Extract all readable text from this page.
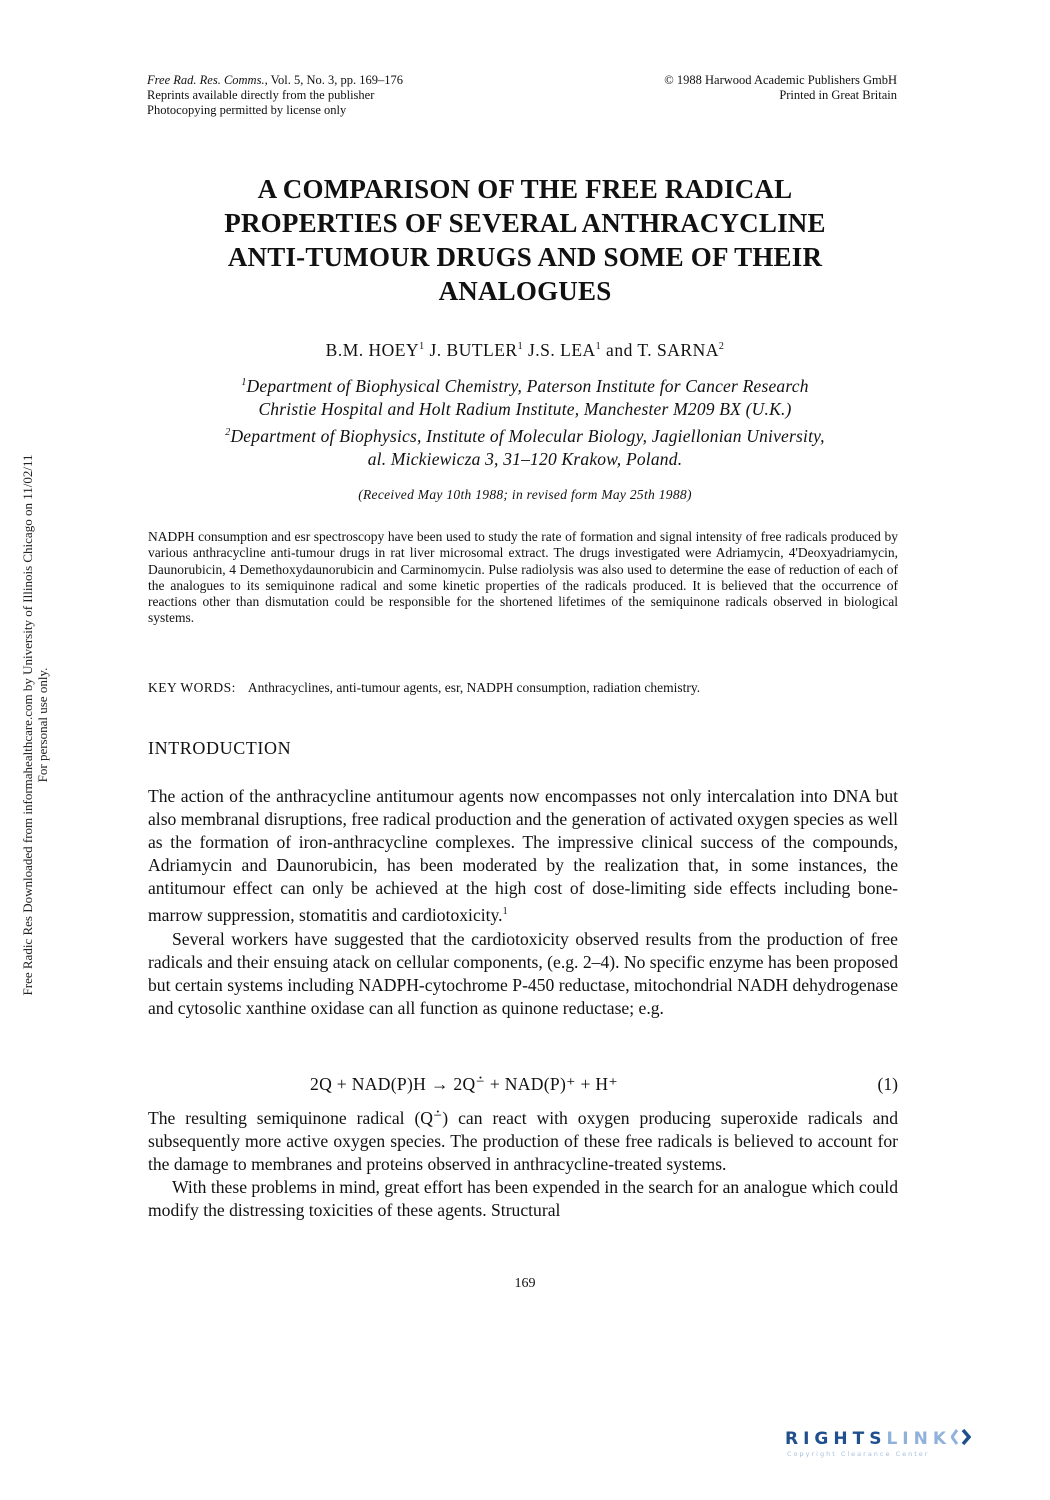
Free Rad. Res. Comms., Vol. 5, No. 3, pp. 169–176
Reprints available directly from the publisher
Photocopying permitted by license only
© 1988 Harwood Academic Publishers GmbH
Printed in Great Britain
Free Radic Res Downloaded from informahealthcare.com by University of Illinois Chicago on 11/02/11 For personal use only.
A COMPARISON OF THE FREE RADICAL
PROPERTIES OF SEVERAL ANTHRACYCLINE
ANTI-TUMOUR DRUGS AND SOME OF THEIR
ANALOGUES
B.M. HOEY$^1$ J. BUTLER$^1$ J.S. LEA$^1$ and T. SARNA$^2$
$^1$Department of Biophysical Chemistry, Paterson Institute for Cancer Research
Christie Hospital and Holt Radium Institute, Manchester M209 BX (U.K.)
$^2$Department of Biophysics, Institute of Molecular Biology, Jagiellonian University,
al. Mickiewicza 3, 31–120 Krakow, Poland.
(Received May 10th 1988; in revised form May 25th 1988)
NADPH consumption and esr spectroscopy have been used to study the rate of formation and signal intensity of free radicals produced by various anthracycline anti-tumour drugs in rat liver microsomal extract. The drugs investigated were Adriamycin, 4'Deoxyadriamycin, Daunorubicin, 4 Demethoxydaunorubicin and Carminomycin. Pulse radiolysis was also used to determine the ease of reduction of each of the analogues to its semiquinone radical and some kinetic properties of the radicals produced. It is believed that the occurrence of reactions other than dismutation could be responsible for the shortened lifetimes of the semiquinone radicals observed in biological systems.
KEY WORDS: Anthracyclines, anti-tumour agents, esr, NADPH consumption, radiation chemistry.
INTRODUCTION

The action of the anthracycline antitumour agents now encompasses not only intercalation into DNA but also membranal disruptions, free radical production and the generation of activated oxygen species as well as the formation of iron-anthracycline complexes. The impressive clinical success of the compounds, Adriamycin and Daunorubicin, has been moderated by the realization that, in some instances, the antitumour effect can only be achieved at the high cost of dose-limiting side effects including bone-marrow suppression, stomatitis and cardiotoxicity.$^1$

Several workers have suggested that the cardiotoxicity observed results from the production of free radicals and their ensuing atack on cellular components, (e.g. 2–4). No specific enzyme has been proposed but certain systems including NADPH-cytochrome P-450 reductase, mitochondrial NADH dehydrogenase and cytosolic xanthine oxidase can all function as quinone reductase; e.g.

2Q + NAD(P)H → 2Q⁻̇ + NAD(P)⁺ + H⁺	(1)

The resulting semiquinone radical (Q⁻̇) can react with oxygen producing superoxide radicals and subsequently more active oxygen species. The production of these free radicals is believed to account for the damage to membranes and proteins observed in anthracycline-treated systems.

With these problems in mind, great effort has been expended in the search for an analogue which could modify the distressing toxicities of these agents. Structural

169
RIGHTSLINK
Copyright Clearance Center
